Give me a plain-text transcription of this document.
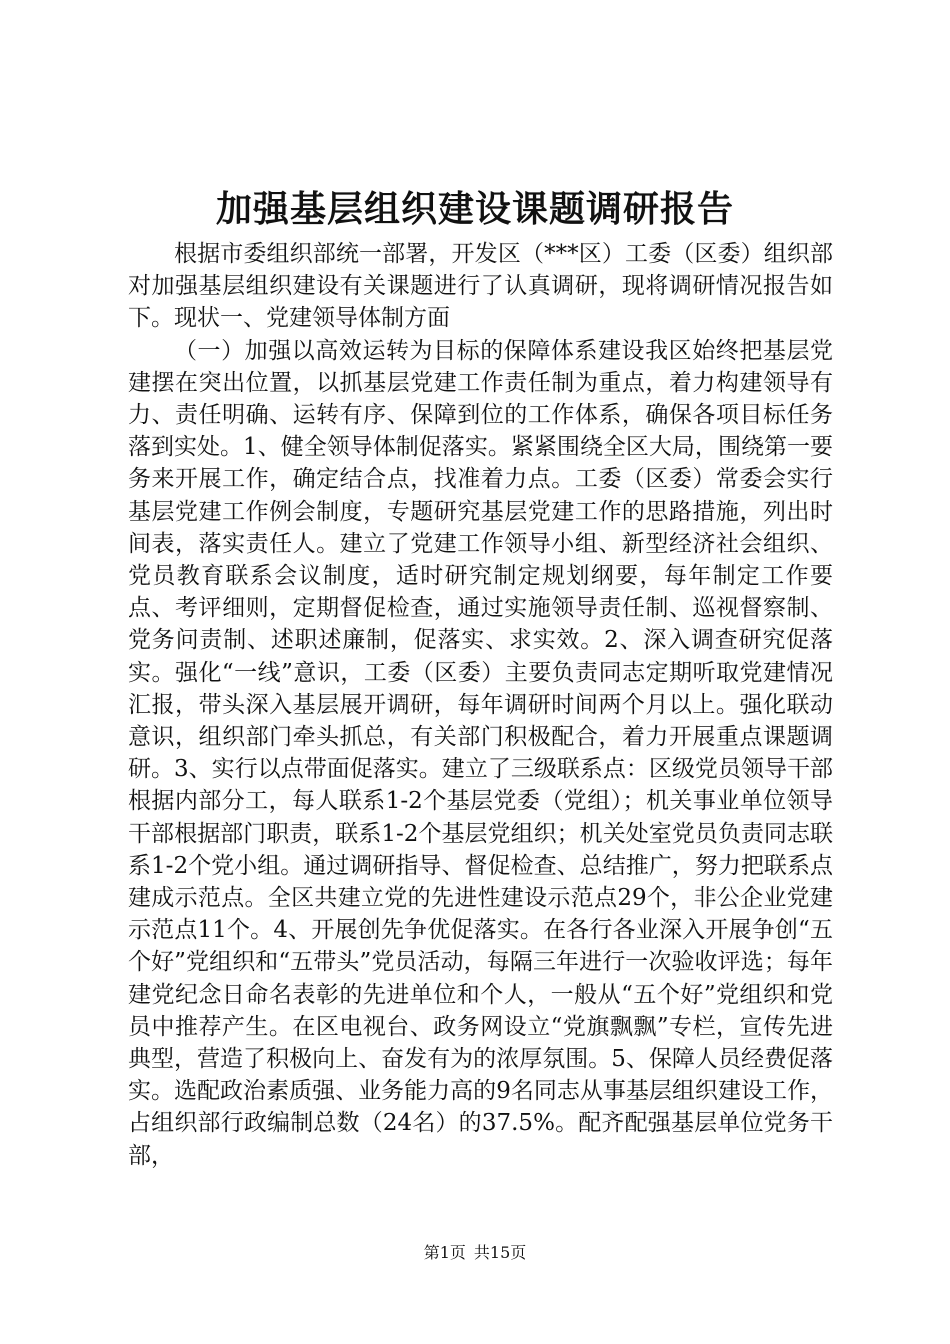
加强基层组织建设课题调研报告

根据市委组织部统一部署，开发区（***区）工委（区委）组织部对加强基层组织建设有关课题进行了认真调研，现将调研情况报告如下。现状一、党建领导体制方面

（一）加强以高效运转为目标的保障体系建设我区始终把基层党建摆在突出位置，以抓基层党建工作责任制为重点，着力构建领导有力、责任明确、运转有序、保障到位的工作体系，确保各项目标任务落到实处。1、健全领导体制促落实。紧紧围绕全区大局，围绕第一要务来开展工作，确定结合点，找准着力点。工委（区委）常委会实行基层党建工作例会制度，专题研究基层党建工作的思路措施，列出时间表，落实责任人。建立了党建工作领导小组、新型经济社会组织、党员教育联系会议制度，适时研究制定规划纲要，每年制定工作要点、考评细则，定期督促检查，通过实施领导责任制、巡视督察制、党务问责制、述职述廉制，促落实、求实效。2、深入调查研究促落实。强化“一线”意识，工委（区委）主要负责同志定期听取党建情况汇报，带头深入基层展开调研，每年调研时间两个月以上。强化联动意识，组织部门牵头抓总，有关部门积极配合，着力开展重点课题调研。3、实行以点带面促落实。建立了三级联系点：区级党员领导干部根据内部分工，每人联系1-2个基层党委（党组）；机关事业单位领导干部根据部门职责，联系1-2个基层党组织；机关处室党员负责同志联系1-2个党小组。通过调研指导、督促检查、总结推广，努力把联系点建成示范点。全区共建立党的先进性建设示范点29个，非公企业党建示范点11个。4、开展创先争优促落实。在各行各业深入开展争创“五个好”党组织和“五带头”党员活动，每隔三年进行一次验收评选；每年建党纪念日命名表彰的先进单位和个人，一般从“五个好”党组织和党员中推荐产生。在区电视台、政务网设立“党旗飘飘”专栏，宣传先进典型，营造了积极向上、奋发有为的浓厚氛围。5、保障人员经费促落实。选配政治素质强、业务能力高的9名同志从事基层组织建设工作，占组织部行政编制总数（24名）的37.5%。配齐配强基层单位党务干部，

第1页 共15页
